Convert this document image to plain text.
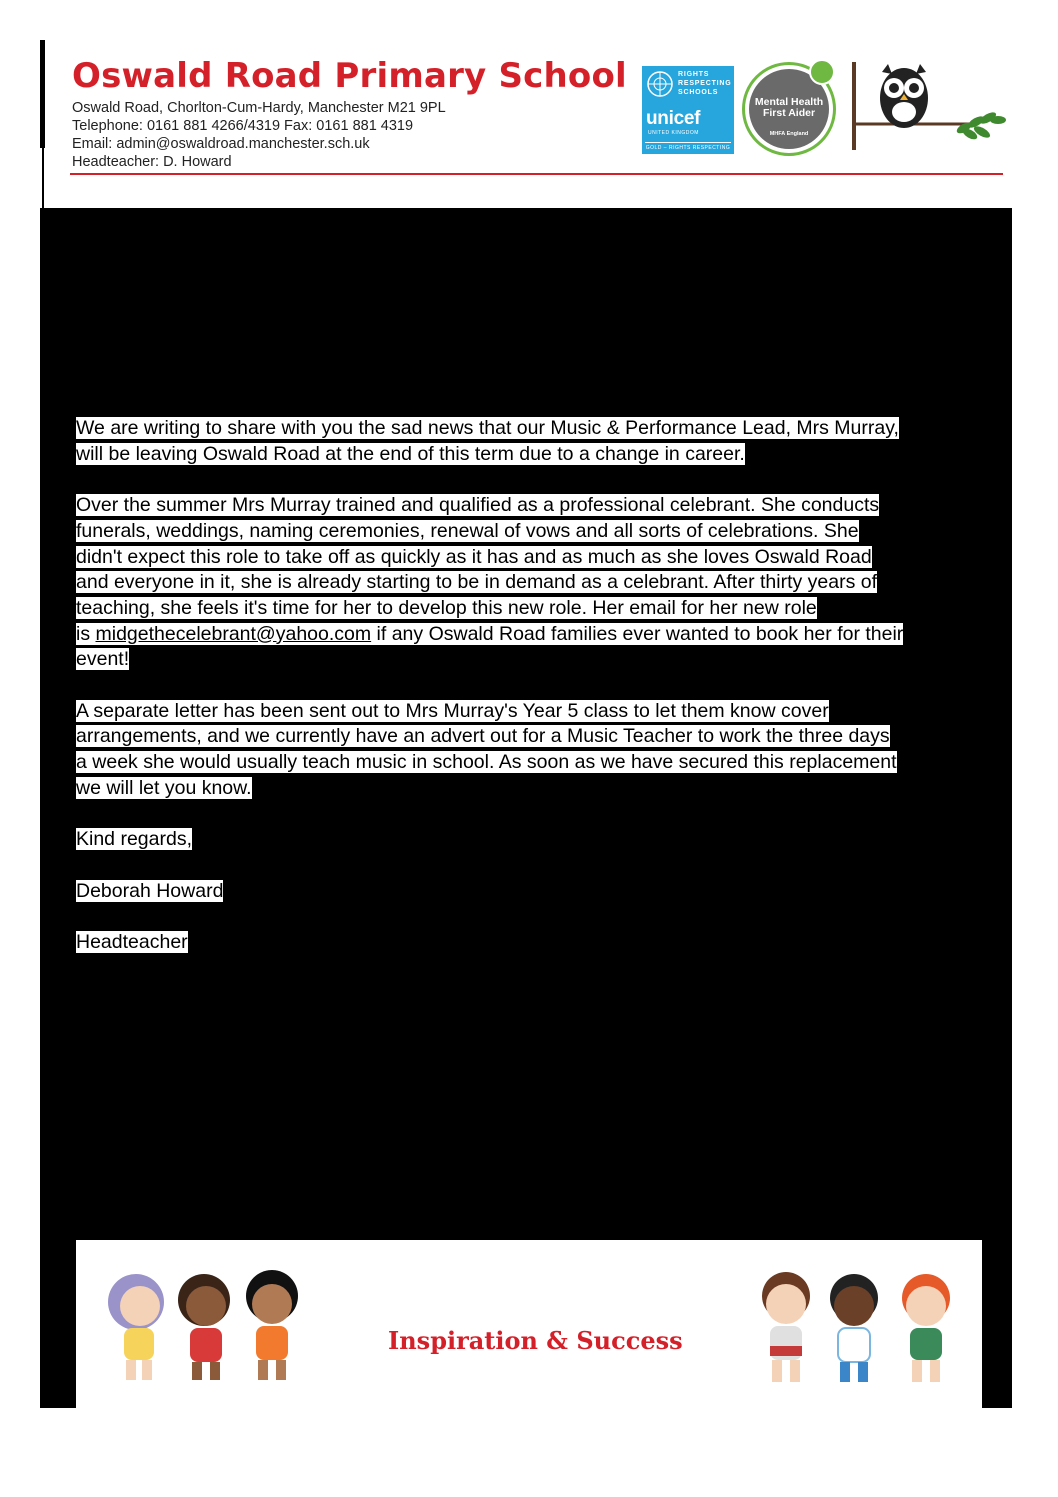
Oswald Road Primary School
Oswald Road, Chorlton-Cum-Hardy, Manchester M21 9PL
Telephone: 0161 881 4266/4319 Fax: 0161 881 4319
Email: admin@oswaldroad.manchester.sch.uk
Headteacher: D. Howard
RIGHTS RESPECTING SCHOOLS
unicef
UNITED KINGDOM
GOLD – RIGHTS RESPECTING
Mental Health First Aider
MHFA England

We are writing to share with you the sad news that our Music & Performance Lead, Mrs Murray,
will be leaving Oswald Road at the end of this term due to a change in career.

Over the summer Mrs Murray trained and qualified as a professional celebrant. She conducts
funerals, weddings, naming ceremonies, renewal of vows and all sorts of celebrations. She
didn't expect this role to take off as quickly as it has and as much as she loves Oswald Road
and everyone in it, she is already starting to be in demand as a celebrant. After thirty years of
teaching, she feels it's time for her to develop this new role. Her email for her new role
is midgethecelebrant@yahoo.com if any Oswald Road families ever wanted to book her for their
event!

A separate letter has been sent out to Mrs Murray's Year 5 class to let them know cover
arrangements, and we currently have an advert out for a Music Teacher to work the three days
a week she would usually teach music in school. As soon as we have secured this replacement
we will let you know.

Kind regards,

Deborah Howard

Headteacher

Inspiration & Success
